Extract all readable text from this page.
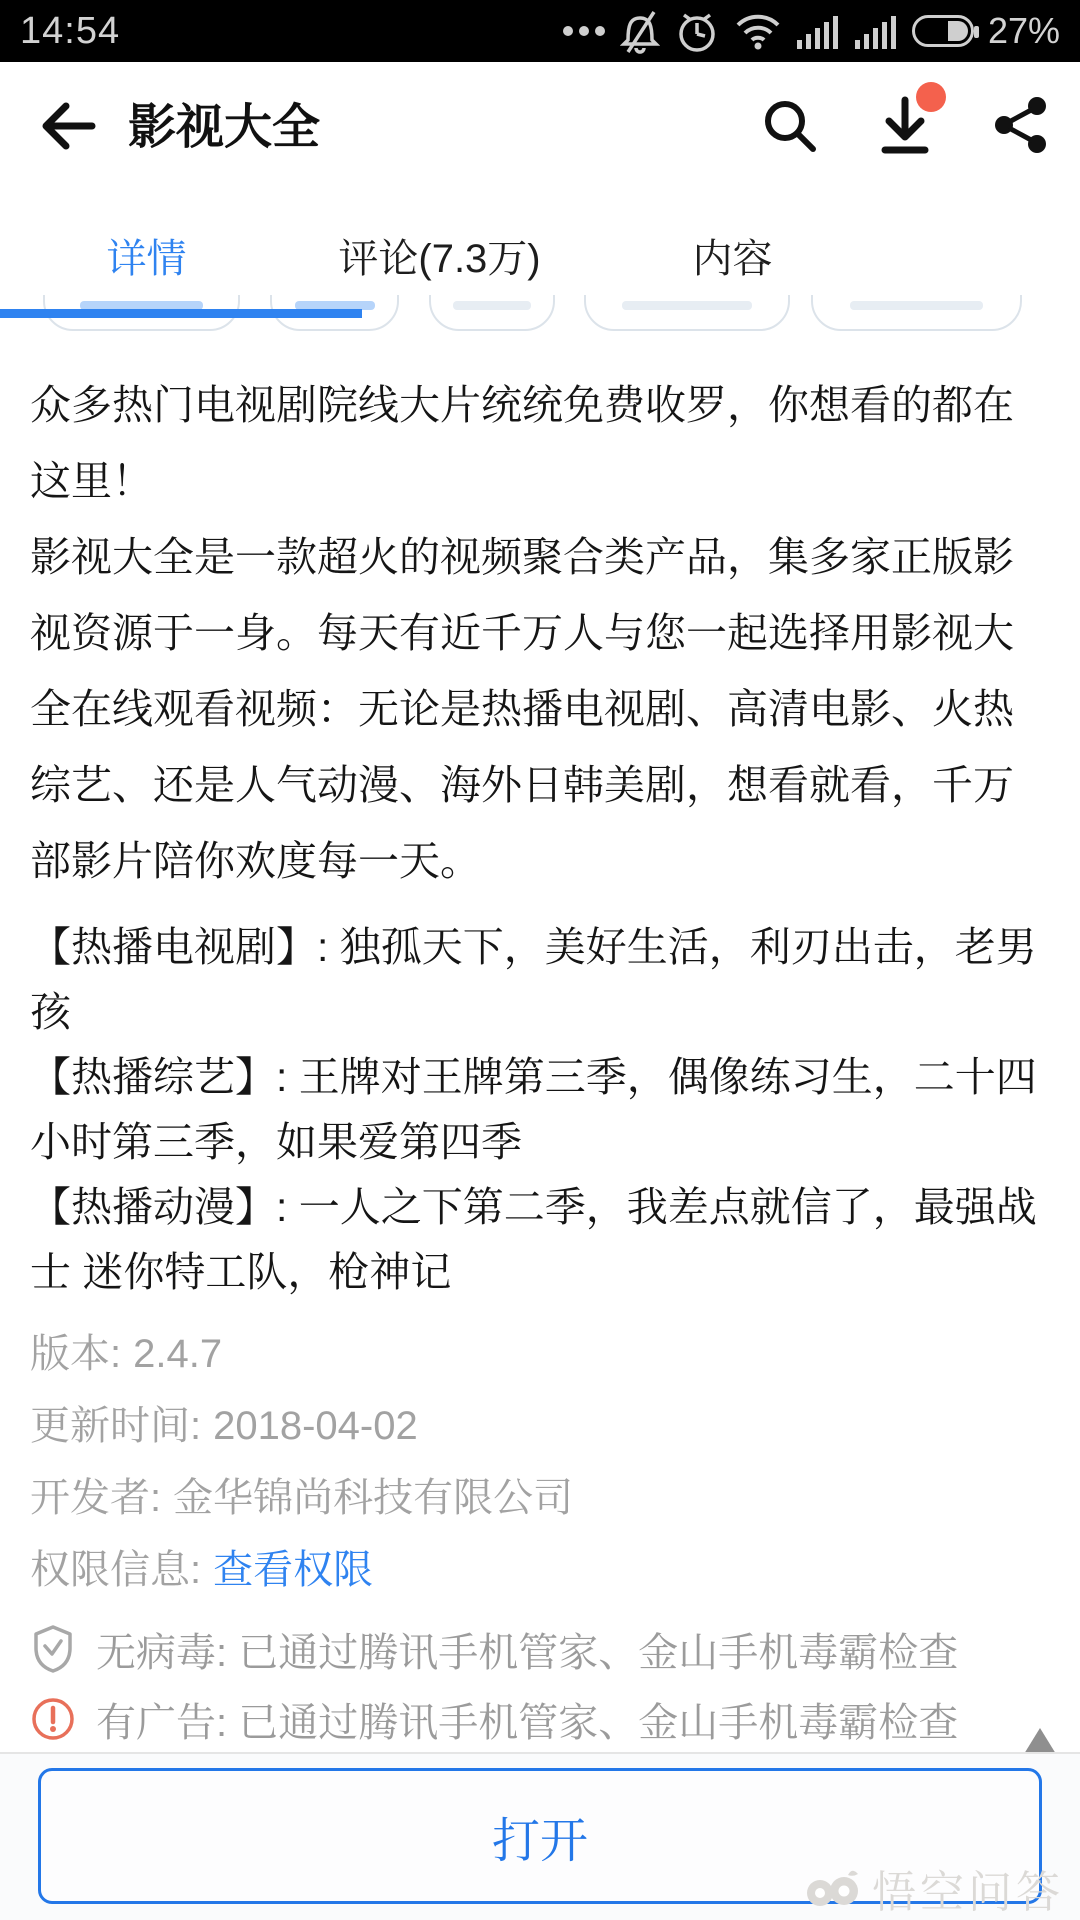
14:54	27%
影视大全
详情	评论(7.3万)	内容

众多热门电视剧院线大片统统免费收罗，你想看的都在这里！

影视大全是一款超火的视频聚合类产品，集多家正版影视资源于一身。每天有近千万人与您一起选择用影视大全在线观看视频：无论是热播电视剧、高清电影、火热综艺、还是人气动漫、海外日韩美剧，想看就看，千万部影片陪你欢度每一天。

【热播电视剧】: 独孤天下，美好生活，利刃出击，老男孩

【热播综艺】: 王牌对王牌第三季，偶像练习生，二十四小时第三季，如果爱第四季

【热播动漫】: 一人之下第二季，我差点就信了，最强战士 迷你特工队，枪神记

版本: 2.4.7

更新时间: 2018-04-02

开发者: 金华锦尚科技有限公司

权限信息: 查看权限

无病毒: 已通过腾讯手机管家、金山手机毒霸检查
有广告: 已通过腾讯手机管家、金山手机毒霸检查
打开
悟空问答
